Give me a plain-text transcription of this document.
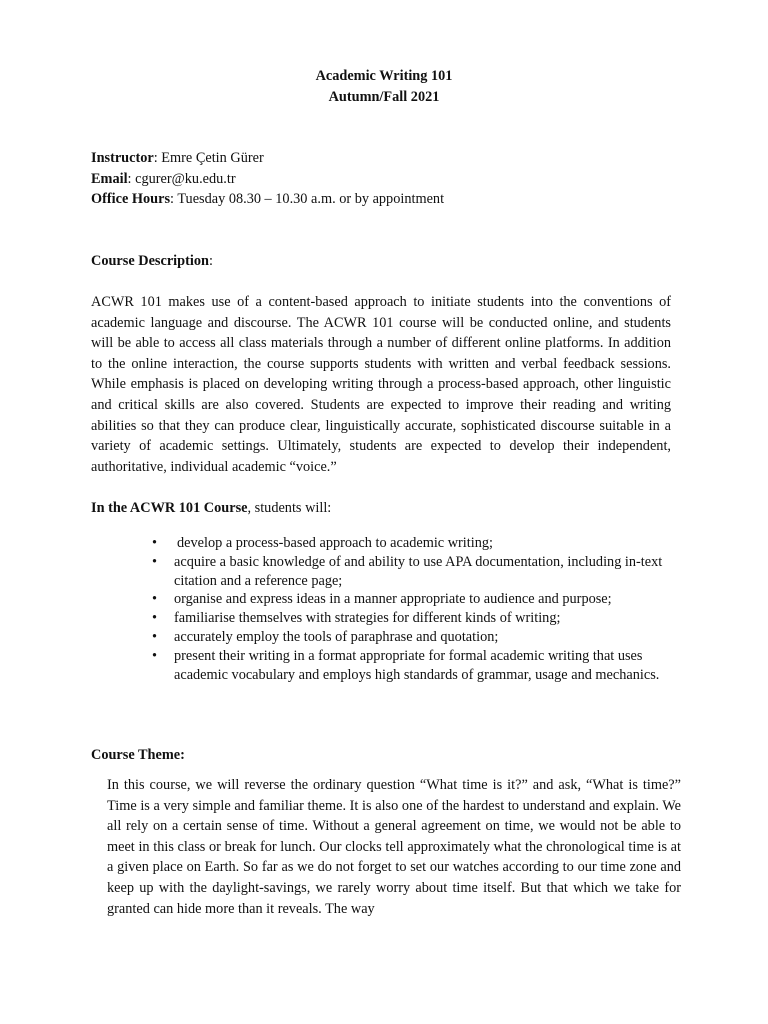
Academic Writing 101
Autumn/Fall 2021
Instructor: Emre Çetin Gürer
Email: cgurer@ku.edu.tr
Office Hours: Tuesday 08.30 – 10.30 a.m. or by appointment
Course Description:

ACWR 101 makes use of a content-based approach to initiate students into the conventions of academic language and discourse. The ACWR 101 course will be conducted online, and students will be able to access all class materials through a number of different online platforms. In addition to the online interaction, the course supports students with written and verbal feedback sessions. While emphasis is placed on developing writing through a process-based approach, other linguistic and critical skills are also covered. Students are expected to improve their reading and writing abilities so that they can produce clear, linguistically accurate, sophisticated discourse suitable in a variety of academic settings. Ultimately, students are expected to develop their independent, authoritative, individual academic “voice.”

In the ACWR 101 Course, students will:
• develop a process-based approach to academic writing;
• acquire a basic knowledge of and ability to use APA documentation, including in-text citation and a reference page;
• organise and express ideas in a manner appropriate to audience and purpose;
• familiarise themselves with strategies for different kinds of writing;
• accurately employ the tools of paraphrase and quotation;
• present their writing in a format appropriate for formal academic writing that uses academic vocabulary and employs high standards of grammar, usage and mechanics.
Course Theme:

In this course, we will reverse the ordinary question “What time is it?” and ask, “What is time?” Time is a very simple and familiar theme. It is also one of the hardest to understand and explain. We all rely on a certain sense of time. Without a general agreement on time, we would not be able to meet in this class or break for lunch. Our clocks tell approximately what the chronological time is at a given place on Earth. So far as we do not forget to set our watches according to our time zone and keep up with the daylight-savings, we rarely worry about time itself. But that which we take for granted can hide more than it reveals. The way
